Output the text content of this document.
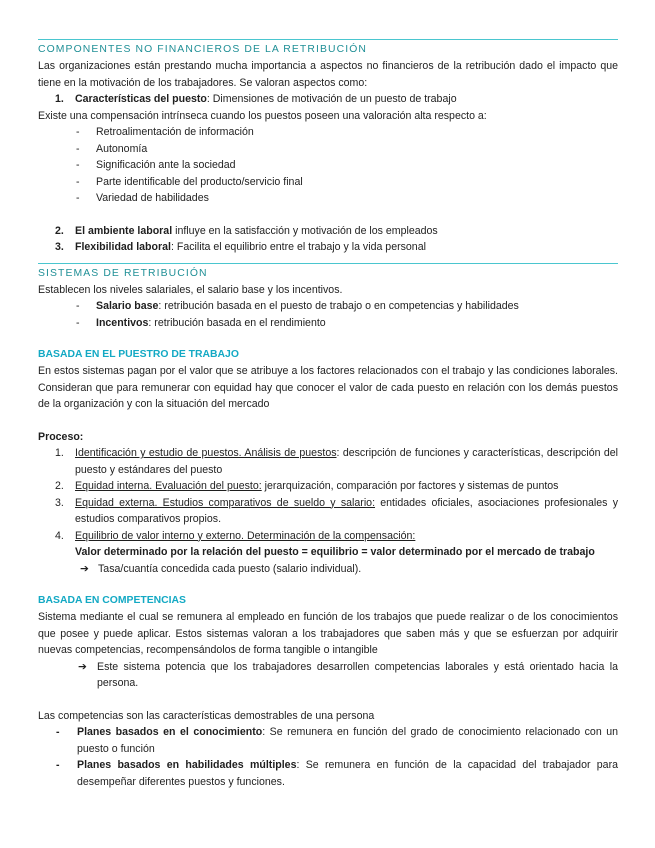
COMPONENTES NO FINANCIEROS DE LA RETRIBUCIÓN

Las organizaciones están prestando mucha importancia a aspectos no financieros de la retribución dado el impacto que tiene en la motivación de los trabajadores. Se valoran aspectos como:

1. Características del puesto: Dimensiones de motivación de un puesto de trabajo

Existe una compensación intrínseca cuando los puestos poseen una valoración alta respecto a:

- Retroalimentación de información
- Autonomía
- Significación ante la sociedad
- Parte identificable del producto/servicio final
- Variedad de habilidades
2. El ambiente laboral influye en la satisfacción y motivación de los empleados
3. Flexibilidad laboral: Facilita el equilibrio entre el trabajo y la vida personal
SISTEMAS DE RETRIBUCIÓN

Establecen los niveles salariales, el salario base y los incentivos.

- Salario base: retribución basada en el puesto de trabajo o en competencias y habilidades
- Incentivos: retribución basada en el rendimiento
BASADA EN EL PUESTRO DE TRABAJO

En estos sistemas pagan por el valor que se atribuye a los factores relacionados con el trabajo y las condiciones laborales. Consideran que para remunerar con equidad hay que conocer el valor de cada puesto en relación con los demás puestos de la organización y con la situación del mercado

Proceso:

1. Identificación y estudio de puestos. Análisis de puestos: descripción de funciones y características, descripción del puesto y estándares del puesto
2. Equidad interna. Evaluación del puesto: jerarquización, comparación por factores y sistemas de puntos
3. Equidad externa. Estudios comparativos de sueldo y salario: entidades oficiales, asociaciones profesionales y estudios comparativos propios.
4. Equilibrio de valor interno y externo. Determinación de la compensación:
Valor determinado por la relación del puesto = equilibrio = valor determinado por el mercado de trabajo
➔ Tasa/cuantía concedida cada puesto (salario individual).
BASADA EN COMPETENCIAS

Sistema mediante el cual se remunera al empleado en función de los trabajos que puede realizar o de los conocimientos que posee y puede aplicar. Estos sistemas valoran a los trabajadores que saben más y que se esfuerzan por adquirir nuevas competencias, recompensándolos de forma tangible o intangible

➔ Este sistema potencia que los trabajadores desarrollen competencias laborales y está orientado hacia la persona.

Las competencias son las características demostrables de una persona

- Planes basados en el conocimiento: Se remunera en función del grado de conocimiento relacionado con un puesto o función
- Planes basados en habilidades múltiples: Se remunera en función de la capacidad del trabajador para desempeñar diferentes puestos y funciones.
